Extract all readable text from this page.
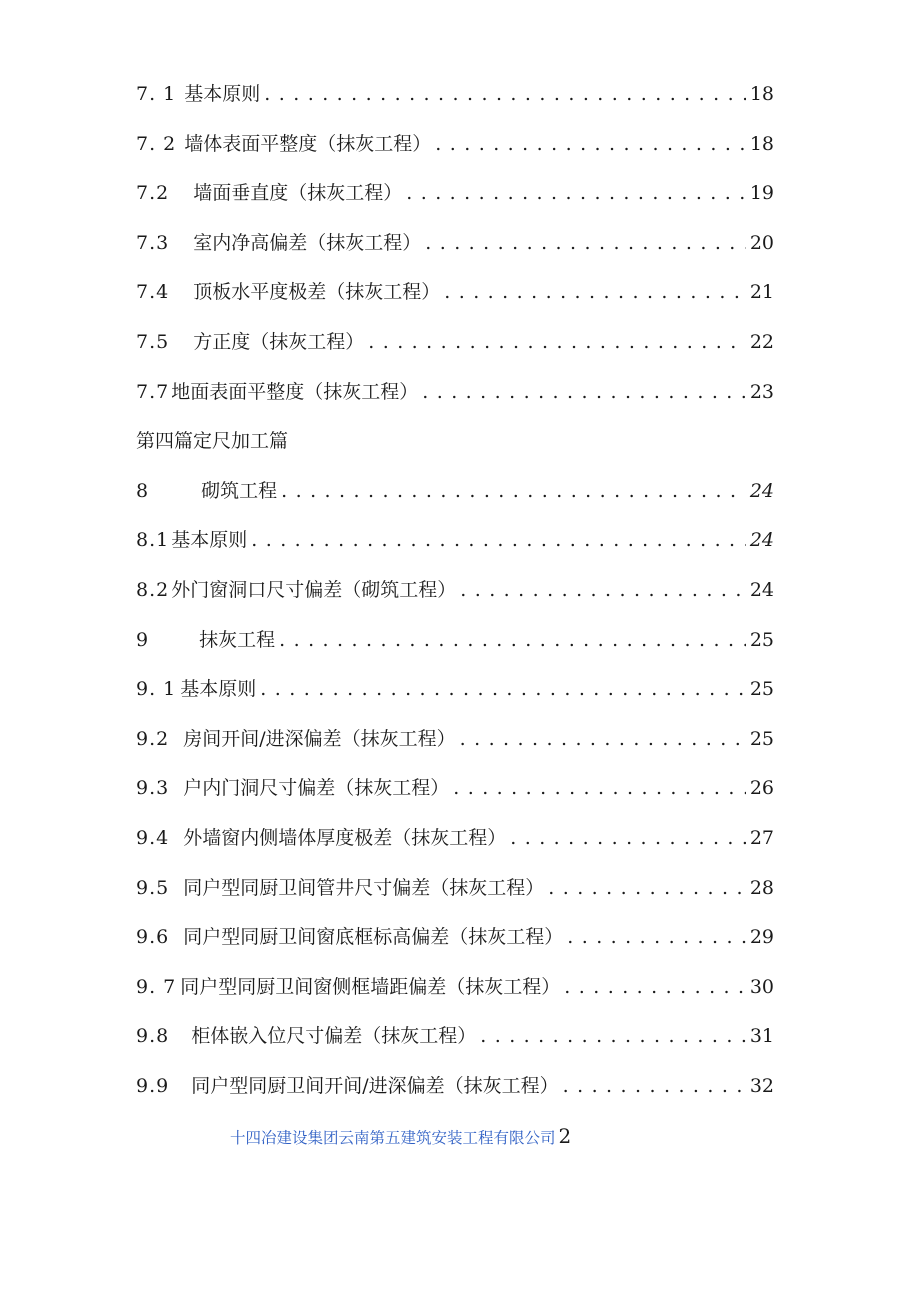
7. 1 基本原则 . . .	18
7. 2 墙体表面平整度（抹灰工程） . . .	18
7.2 墙面垂直度（抹灰工程） . . .	19
7.3 室内净高偏差（抹灰工程） . . .	20
7.4 顶板水平度极差（抹灰工程） . . .	21
7.5 方正度（抹灰工程） . . .	22
7.7 地面表面平整度（抹灰工程） . . .	23
第四篇定尺加工篇
8	砌筑工程 . . .	24
8.1 基本原则 . . .	24
8.2 外门窗洞口尺寸偏差（砌筑工程） . . .	24
9	抹灰工程 . . .	25
9. 1 基本原则 . . .	25
9.2 房间开间/进深偏差（抹灰工程） . . .	25
9.3 户内门洞尺寸偏差（抹灰工程） . . .	26
9.4 外墙窗内侧墙体厚度极差（抹灰工程） . . .	27
9.5 同户型同厨卫间管井尺寸偏差（抹灰工程） . . .	28
9.6 同户型同厨卫间窗底框标高偏差（抹灰工程） . . .	29
9. 7 同户型同厨卫间窗侧框墙距偏差（抹灰工程） . . .	30
9.8 柜体嵌入位尺寸偏差（抹灰工程） . . .	31
9.9 同户型同厨卫间开间/进深偏差（抹灰工程） . . .	32
十四冶建设集团云南第五建筑安装工程有限公司 2
